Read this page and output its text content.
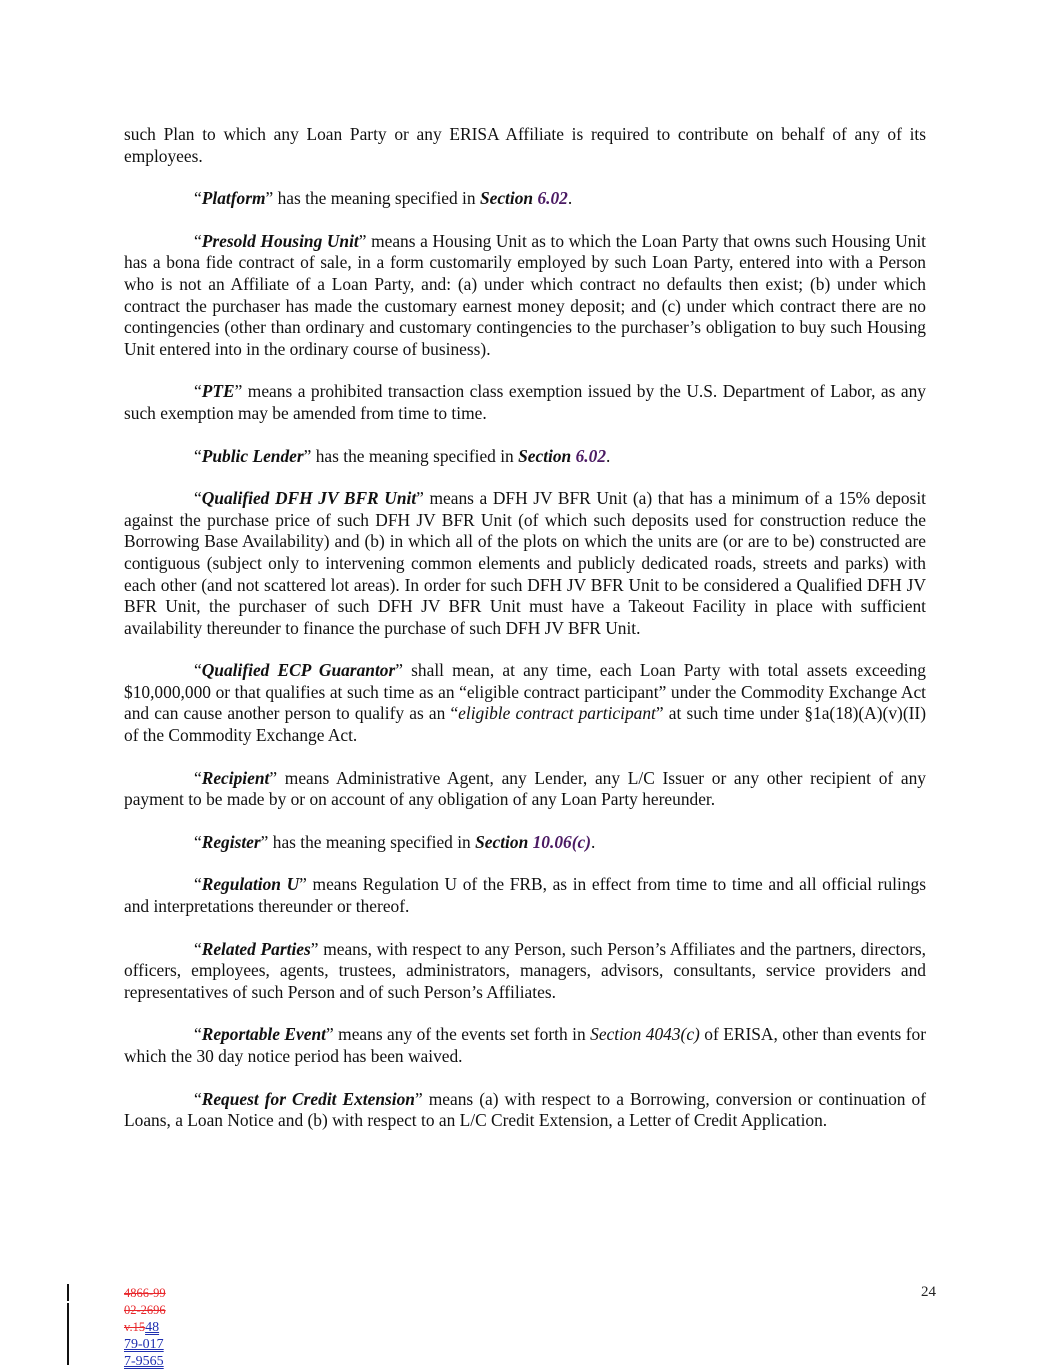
such Plan to which any Loan Party or any ERISA Affiliate is required to contribute on behalf of any of its employees.

“Platform” has the meaning specified in Section 6.02.

“Presold Housing Unit” means a Housing Unit as to which the Loan Party that owns such Housing Unit has a bona fide contract of sale, in a form customarily employed by such Loan Party, entered into with a Person who is not an Affiliate of a Loan Party, and: (a) under which contract no defaults then exist; (b) under which contract the purchaser has made the customary earnest money deposit; and (c) under which contract there are no contingencies (other than ordinary and customary contingencies to the purchaser’s obligation to buy such Housing Unit entered into in the ordinary course of business).

“PTE” means a prohibited transaction class exemption issued by the U.S. Department of Labor, as any such exemption may be amended from time to time.

“Public Lender” has the meaning specified in Section 6.02.

“Qualified DFH JV BFR Unit” means a DFH JV BFR Unit (a) that has a minimum of a 15% deposit against the purchase price of such DFH JV BFR Unit (of which such deposits used for construction reduce the Borrowing Base Availability) and (b) in which all of the plots on which the units are (or are to be) constructed are contiguous (subject only to intervening common elements and publicly dedicated roads, streets and parks) with each other (and not scattered lot areas). In order for such DFH JV BFR Unit to be considered a Qualified DFH JV BFR Unit, the purchaser of such DFH JV BFR Unit must have a Takeout Facility in place with sufficient availability thereunder to finance the purchase of such DFH JV BFR Unit.

“Qualified ECP Guarantor” shall mean, at any time, each Loan Party with total assets exceeding $10,000,000 or that qualifies at such time as an “eligible contract participant” under the Commodity Exchange Act and can cause another person to qualify as an “eligible contract participant” at such time under §1a(18)(A)(v)(II) of the Commodity Exchange Act.

“Recipient” means Administrative Agent, any Lender, any L/C Issuer or any other recipient of any payment to be made by or on account of any obligation of any Loan Party hereunder.

“Register” has the meaning specified in Section 10.06(c).

“Regulation U” means Regulation U of the FRB, as in effect from time to time and all official rulings and interpretations thereunder or thereof.

“Related Parties” means, with respect to any Person, such Person’s Affiliates and the partners, directors, officers, employees, agents, trustees, administrators, managers, advisors, consultants, service providers and representatives of such Person and of such Person’s Affiliates.

“Reportable Event” means any of the events set forth in Section 4043(c) of ERISA, other than events for which the 30 day notice period has been waived.

“Request for Credit Extension” means (a) with respect to a Borrowing, conversion or continuation of Loans, a Loan Notice and (b) with respect to an L/C Credit Extension, a Letter of Credit Application.

4866-99
02-2696
v.1548
79-017
7-9565
24
